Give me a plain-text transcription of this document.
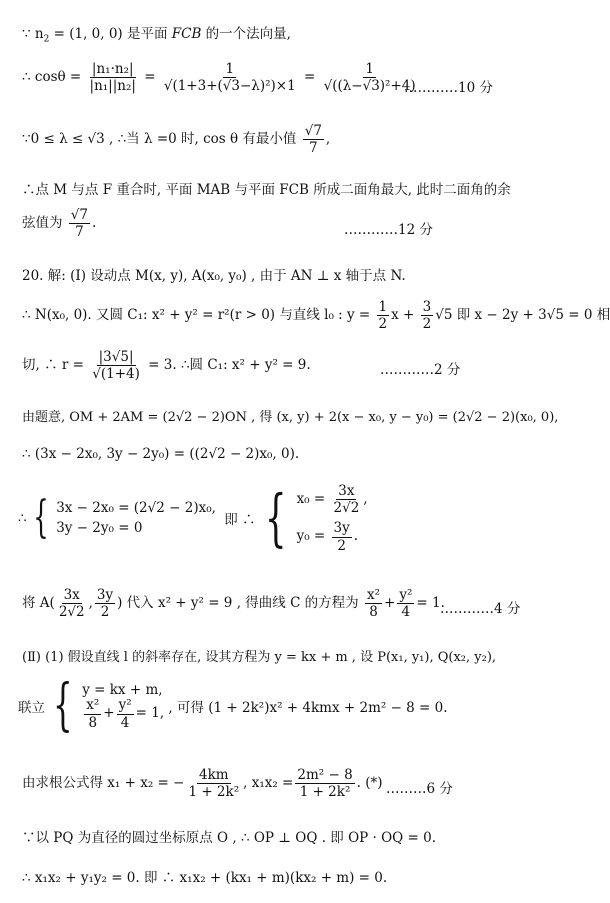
∵ $n_2 = (1$, 0, 0) 是平面 FCB 的一个法向量,
∴ $\cos\theta = \frac{\text{|n₁·n₂|}}{\text{|n₁||n₂|}} = \frac{1}{\text{√(1+3+(√3−λ)²)×1}} = \frac{1}{\text{√((λ−√3)²+4)}}$
…………10 分
∵0 ≤ λ ≤ √3 , ∴当 λ =0 时, cos θ 有最小值 $\frac{√7}{7}$ ,
∴点 M 与点 F 重合时, 平面 MAB 与平面 FCB 所成二面角最大, 此时二面角的余
弦值为 $\frac{√7}{7}$ .	…………12 分
20. 解: (Ⅰ) 设动点 M(x, y), A(x₀, y₀) , 由于 AN ⊥ x 轴于点 N.
∴ N(x₀, 0). 又圆 C₁: x² + y² = r²(r > 0) 与直线 l₀ : $y = \frac{1}{2}$ $x + \frac{3}{2} √5$ 即 x − 2y + 3√5 = 0 相
切, ∴ $r = \frac{|3√5|}{√(1+4)} = 3$. ∴圆 C₁: x² + y² = 9.	…………2 分
由题意, OM + 2AM = (2√2 − 2)ON , 得 (x, y) + 2(x − x₀, y − y₀) = (2√2 − 2)(x₀, 0),
∴ (3x − 2x₀, 3y − 2y₀) = ((2√2 − 2)x₀, 0).
∴ { 3x − 2x₀ = (2√2 − 2)x₀,
3y − 2y₀ = 0	即 ∴ { $x_0 = \frac{3x}{2√2}$ ,
$y_0 = \frac{3y}{2}$ .
将 $A( \frac{3x}{2√2}$ , $\frac{3y}{2}$ ) 代入 x² + y² = 9 , 得曲线 C 的方程为 $\frac{\text{x²}}{8} + \frac{\text{y²}}{4} = 1$.
…………4 分
(Ⅱ) (1) 假设直线 l 的斜率存在, 设其方程为 y = kx + m , 设 P(x₁, y₁), Q(x₂, y₂),
联立 { y = kx + m,
$\frac{\text{x²}}{8} + \frac{\text{y²}}{4} = 1$, , 可得 (1 + 2k²)x² + 4kmx + 2m² − 8 = 0.
由求根公式得 x₁ + x₂ = − $\frac{4km}{\text{1 + 2k²}}$ , $x_1x_2 = \frac{\text{2m² − 8}}{\text{1 + 2k²}}$ . (*) ………6 分
∵以 PQ 为直径的圆过坐标原点 O , ∴ OP ⊥ OQ . 即 OP · OQ = 0.
∴ x₁x₂ + y₁y₂ = 0. 即 ∴ x₁x₂ + (kx₁ + m)(kx₂ + m) = 0.
